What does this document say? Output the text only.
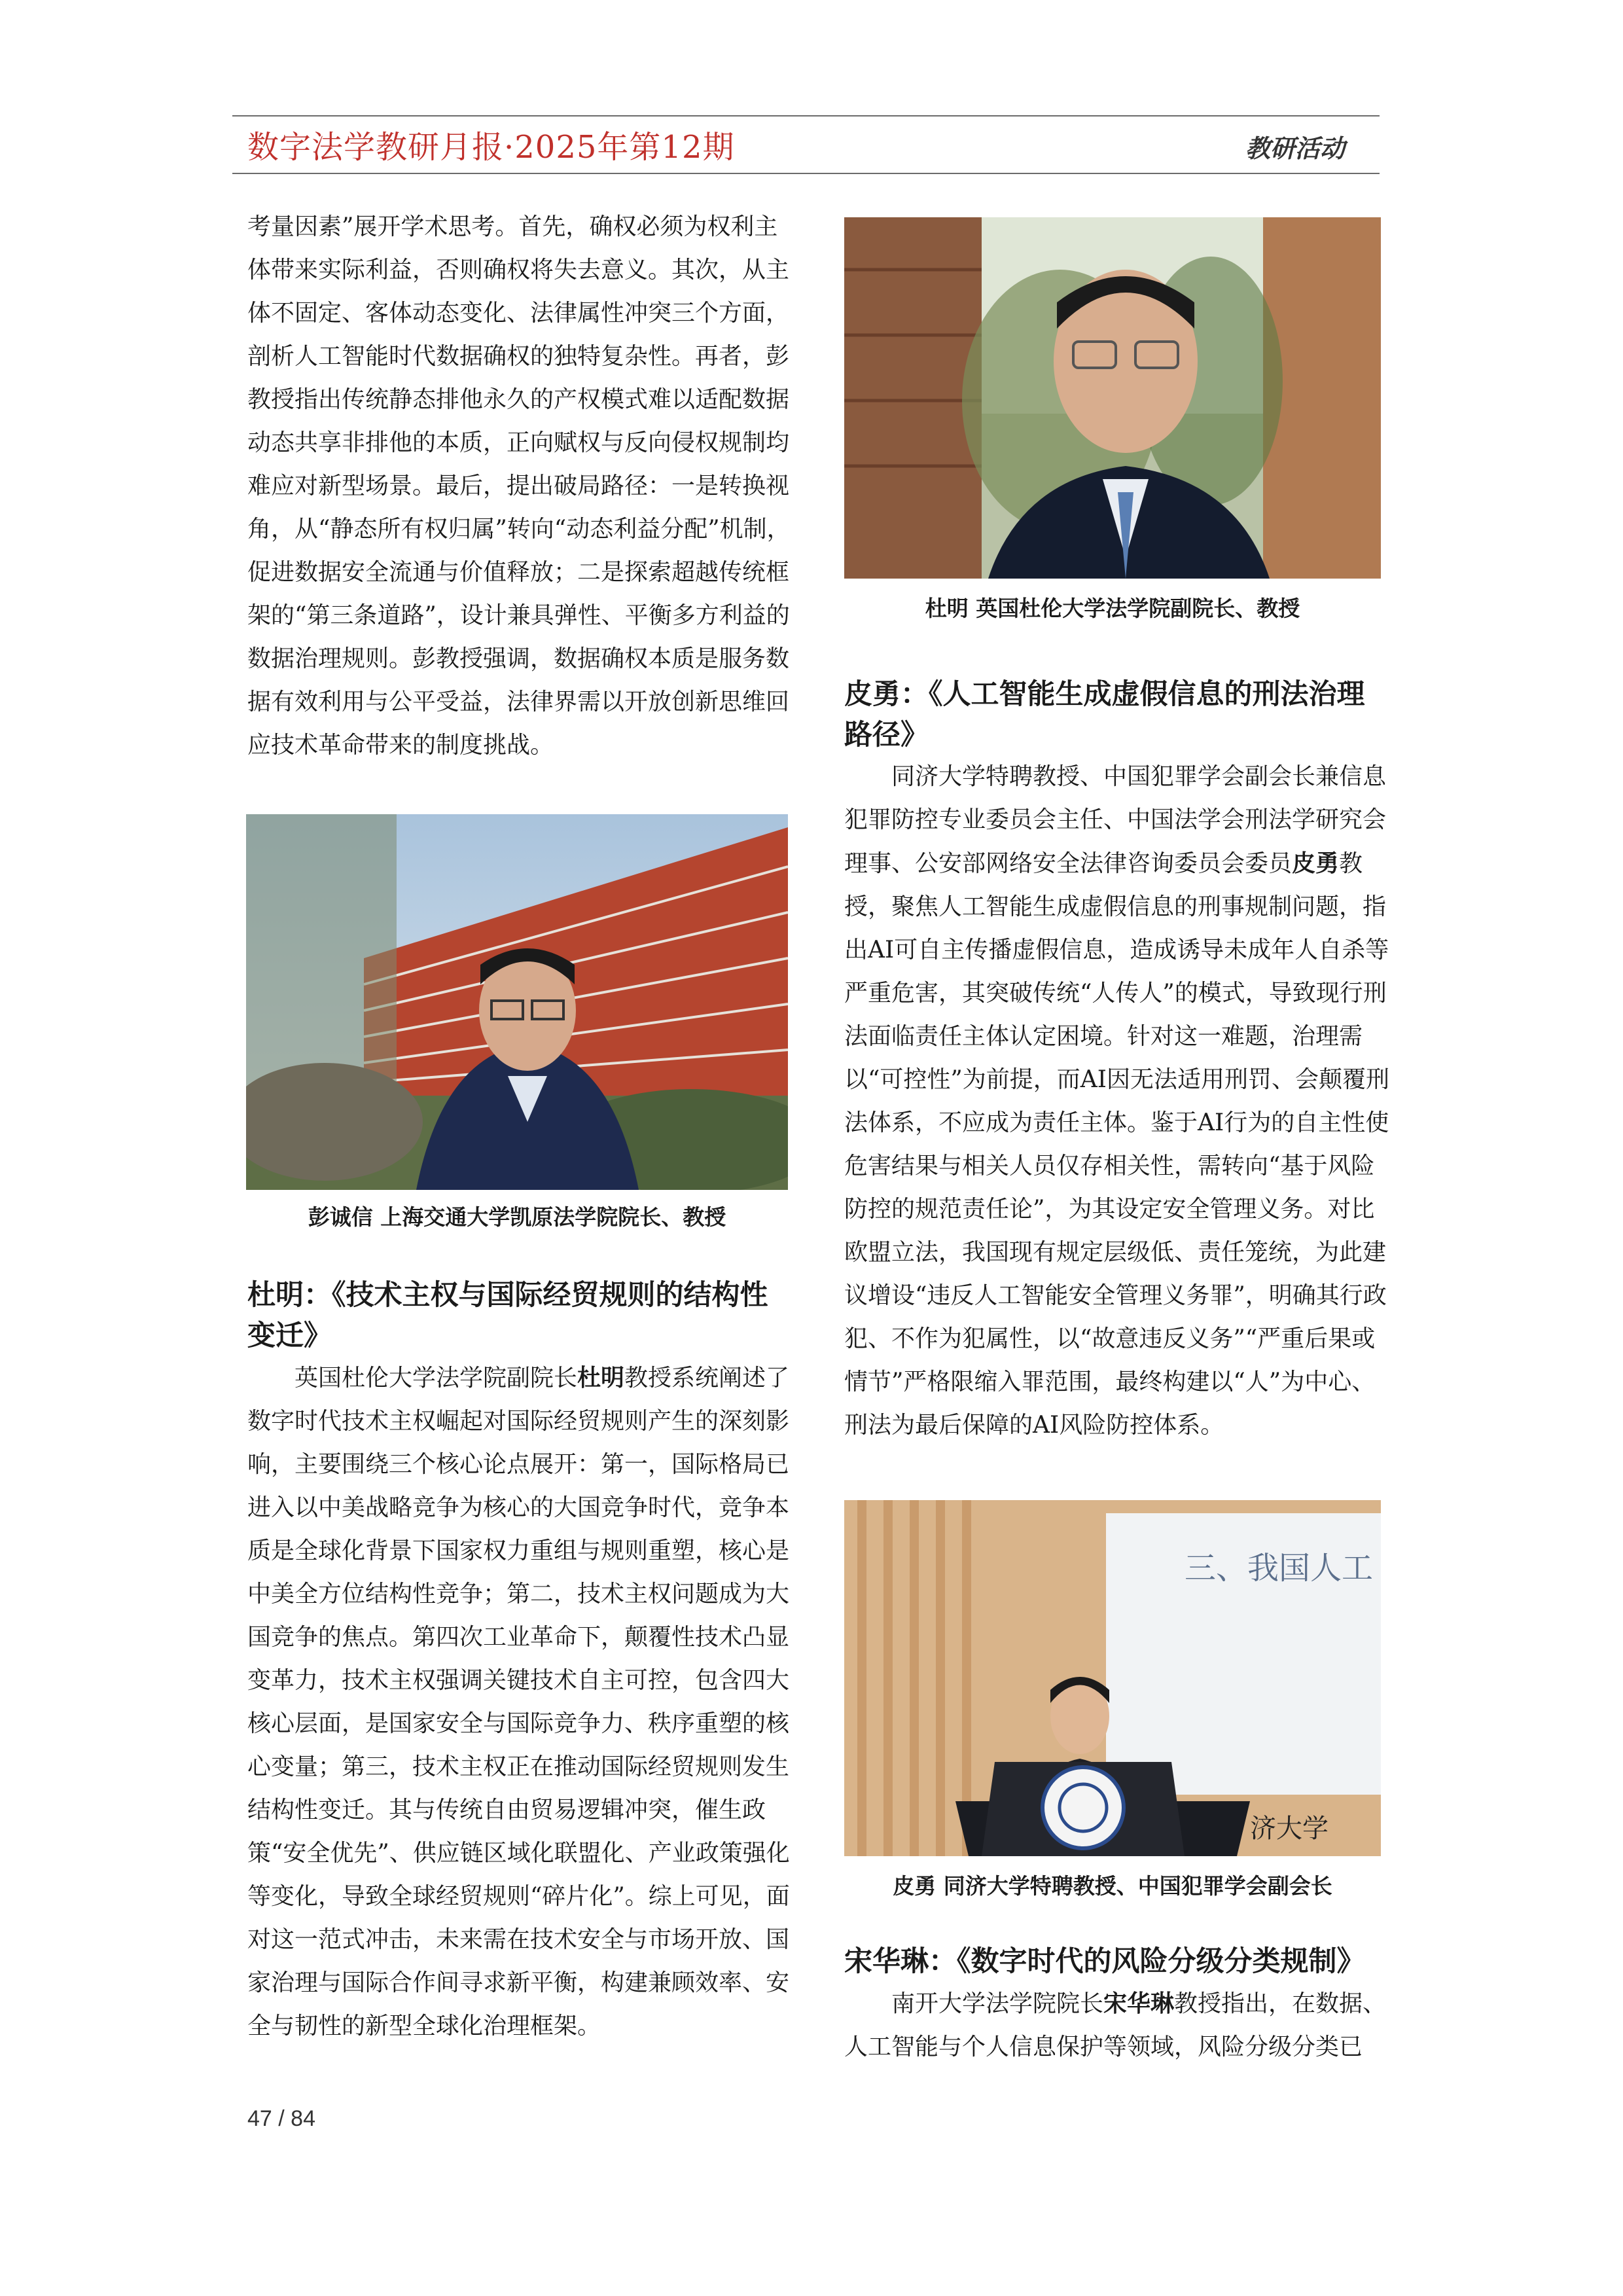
数字法学教研月报·2025年第12期	教研活动

考量因素”展开学术思考。首先，确权必须为权利主体带来实际利益，否则确权将失去意义。其次，从主体不固定、客体动态变化、法律属性冲突三个方面，剖析人工智能时代数据确权的独特复杂性。再者，彭教授指出传统静态排他永久的产权模式难以适配数据动态共享非排他的本质，正向赋权与反向侵权规制均难应对新型场景。最后，提出破局路径：一是转换视角，从“静态所有权归属”转向“动态利益分配”机制，促进数据安全流通与价值释放；二是探索超越传统框架的“第三条道路”，设计兼具弹性、平衡多方利益的数据治理规则。彭教授强调，数据确权本质是服务数据有效利用与公平受益，法律界需以开放创新思维回应技术革命带来的制度挑战。

彭诚信 上海交通大学凯原法学院院长、教授

杜明：《技术主权与国际经贸规则的结构性变迁》

英国杜伦大学法学院副院长杜明教授系统阐述了数字时代技术主权崛起对国际经贸规则产生的深刻影响，主要围绕三个核心论点展开：第一，国际格局已进入以中美战略竞争为核心的大国竞争时代，竞争本质是全球化背景下国家权力重组与规则重塑，核心是中美全方位结构性竞争；第二，技术主权问题成为大国竞争的焦点。第四次工业革命下，颠覆性技术凸显变革力，技术主权强调关键技术自主可控，包含四大核心层面，是国家安全与国际竞争力、秩序重塑的核心变量；第三，技术主权正在推动国际经贸规则发生结构性变迁。其与传统自由贸易逻辑冲突，催生政策“安全优先”、供应链区域化联盟化、产业政策强化等变化，导致全球经贸规则“碎片化”。综上可见，面对这一范式冲击，未来需在技术安全与市场开放、国家治理与国际合作间寻求新平衡，构建兼顾效率、安全与韧性的新型全球化治理框架。

杜明 英国杜伦大学法学院副院长、教授

皮勇：《人工智能生成虚假信息的刑法治理路径》

同济大学特聘教授、中国犯罪学会副会长兼信息犯罪防控专业委员会主任、中国法学会刑法学研究会理事、公安部网络安全法律咨询委员会委员皮勇教授，聚焦人工智能生成虚假信息的刑事规制问题，指出AI可自主传播虚假信息，造成诱导未成年人自杀等严重危害，其突破传统“人传人”的模式，导致现行刑法面临责任主体认定困境。针对这一难题，治理需以“可控性”为前提，而AI因无法适用刑罚、会颠覆刑法体系，不应成为责任主体。鉴于AI行为的自主性使危害结果与相关人员仅存相关性，需转向“基于风险防控的规范责任论”，为其设定安全管理义务。对比欧盟立法，我国现有规定层级低、责任笼统，为此建议增设“违反人工智能安全管理义务罪”，明确其行政犯、不作为犯属性，以“故意违反义务”“严重后果或情节”严格限缩入罪范围，最终构建以“人”为中心、刑法为最后保障的AI风险防控体系。

三、我国人工
济大学
皮勇 同济大学特聘教授、中国犯罪学会副会长

宋华琳：《数字时代的风险分级分类规制》

南开大学法学院院长宋华琳教授指出，在数据、人工智能与个人信息保护等领域，风险分级分类已

47 / 84
